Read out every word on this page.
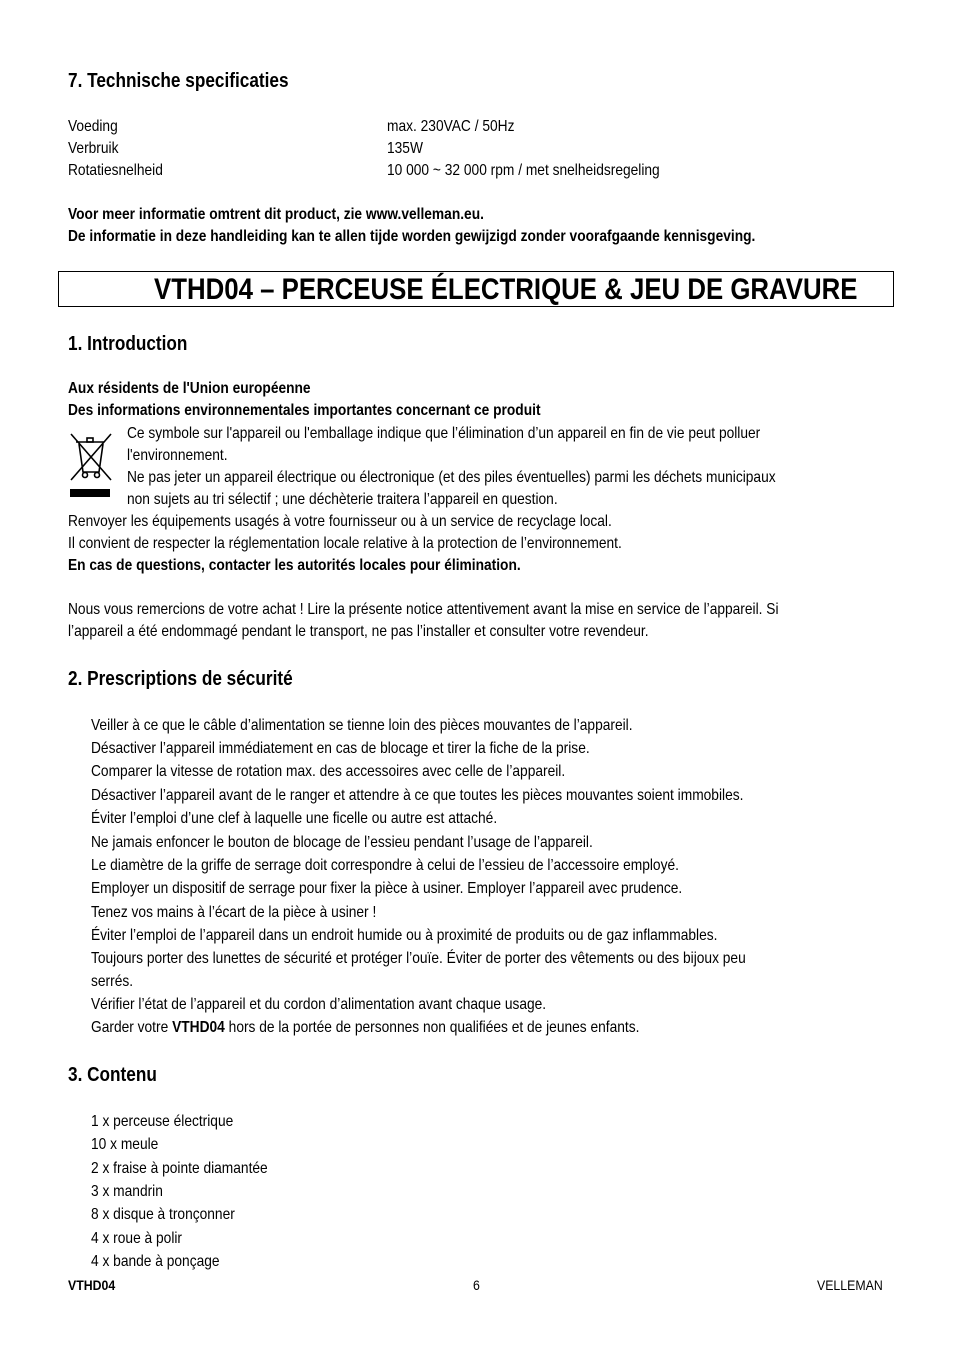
7. Technische specificaties
Voeding	max. 230VAC / 50Hz
Verbruik	135W
Rotatiesnelheid	10 000 ~ 32 000 rpm / met snelheidsregeling
Voor meer informatie omtrent dit product, zie www.velleman.eu.
De informatie in deze handleiding kan te allen tijde worden gewijzigd zonder voorafgaande kennisgeving.
VTHD04 – PERCEUSE ÉLECTRIQUE & JEU DE GRAVURE
1. Introduction
Aux résidents de l'Union européenne
Des informations environnementales importantes concernant ce produit
Ce symbole sur l'appareil ou l'emballage indique que l’élimination d’un appareil en fin de vie peut polluer
l'environnement.
Ne pas jeter un appareil électrique ou électronique (et des piles éventuelles) parmi les déchets municipaux
non sujets au tri sélectif ; une déchèterie traitera l’appareil en question.
Renvoyer les équipements usagés à votre fournisseur ou à un service de recyclage local.
Il convient de respecter la réglementation locale relative à la protection de l’environnement.
En cas de questions, contacter les autorités locales pour élimination.
Nous vous remercions de votre achat ! Lire la présente notice attentivement avant la mise en service de l’appareil. Si
l’appareil a été endommagé pendant le transport, ne pas l’installer et consulter votre revendeur.
2. Prescriptions de sécurité
Veiller à ce que le câble d’alimentation se tienne loin des pièces mouvantes de l’appareil.
Désactiver l’appareil immédiatement en cas de blocage et tirer la fiche de la prise.
Comparer la vitesse de rotation max. des accessoires avec celle de l’appareil.
Désactiver l’appareil avant de le ranger et attendre à ce que toutes les pièces mouvantes soient immobiles.
Éviter l’emploi d’une clef à laquelle une ficelle ou autre est attaché.
Ne jamais enfoncer le bouton de blocage de l’essieu pendant l’usage de l’appareil.
Le diamètre de la griffe de serrage doit correspondre à celui de l’essieu de l’accessoire employé.
Employer un dispositif de serrage pour fixer la pièce à usiner. Employer l’appareil avec prudence.
Tenez vos mains à l’écart de la pièce à usiner !
Éviter l’emploi de l’appareil dans un endroit humide ou à proximité de produits ou de gaz inflammables.
Toujours porter des lunettes de sécurité et protéger l’ouïe. Éviter de porter des vêtements ou des bijoux peu
serrés.
Vérifier l’état de l’appareil et du cordon d’alimentation avant chaque usage.
Garder votre VTHD04 hors de la portée de personnes non qualifiées et de jeunes enfants.
3. Contenu
1 x perceuse électrique
10 x meule
2 x fraise à pointe diamantée
3 x mandrin
8 x disque à tronçonner
4 x roue à polir
4 x bande à ponçage
VTHD04	6	VELLEMAN
